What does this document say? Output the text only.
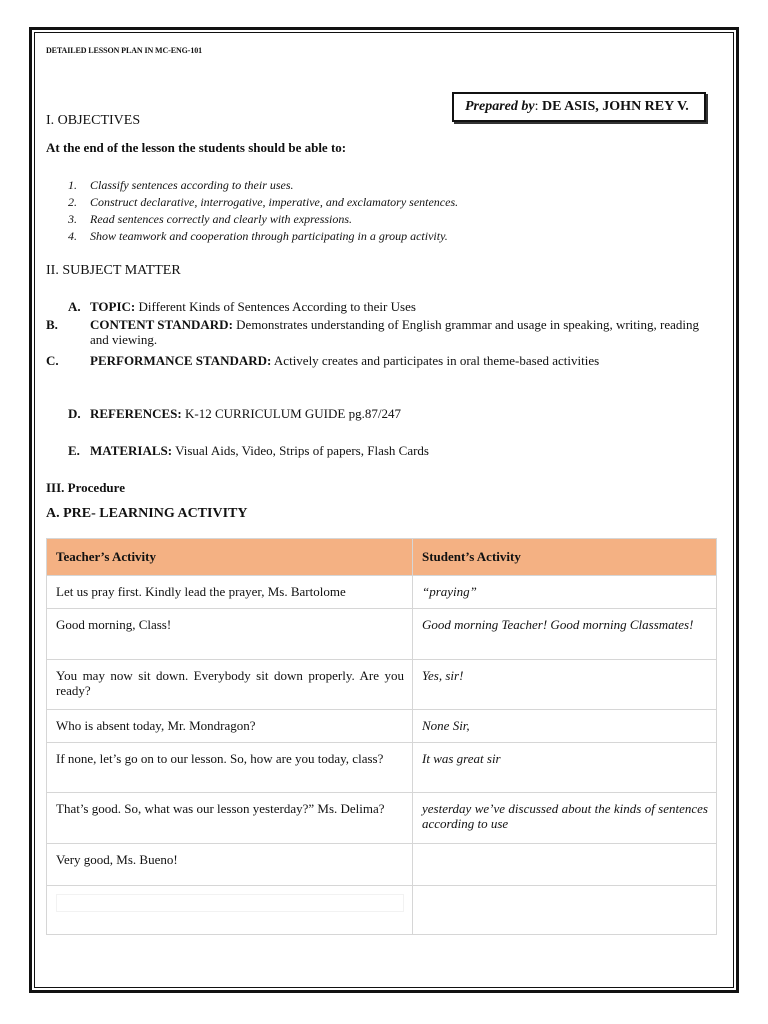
DETAILED LESSON PLAN IN MC-ENG-101
Prepared by: DE ASIS, JOHN REY V.
I. OBJECTIVES
At the end of the lesson the students should be able to:
1.	Classify sentences according to their uses.
2.	Construct declarative, interrogative, imperative, and exclamatory sentences.
3.	Read sentences correctly and clearly with expressions.
4.	Show teamwork and cooperation through participating in a group activity.
II. SUBJECT MATTER
A. TOPIC: Different Kinds of Sentences According to their Uses
B. CONTENT STANDARD: Demonstrates understanding of English grammar and usage in speaking, writing, reading and viewing.
C. PERFORMANCE STANDARD: Actively creates and participates in oral theme-based activities
D. REFERENCES: K-12 CURRICULUM GUIDE pg.87/247
E. MATERIALS: Visual Aids, Video, Strips of papers, Flash Cards
III. Procedure
A. PRE- LEARNING ACTIVITY
Teacher’s Activity	Student’s Activity
Let us pray first. Kindly lead the prayer, Ms. Bartolome	“praying”
Good morning, Class!	Good morning Teacher! Good morning Classmates!
You may now sit down. Everybody sit down properly. Are you ready?	Yes, sir!
Who is absent today, Mr. Mondragon?	None Sir,
If none, let’s go on to our lesson. So, how are you today, class?	It was great sir
That’s good. So, what was our lesson yesterday?” Ms. Delima?	yesterday we’ve discussed about the kinds of sentences according to use
Very good, Ms. Bueno!	
